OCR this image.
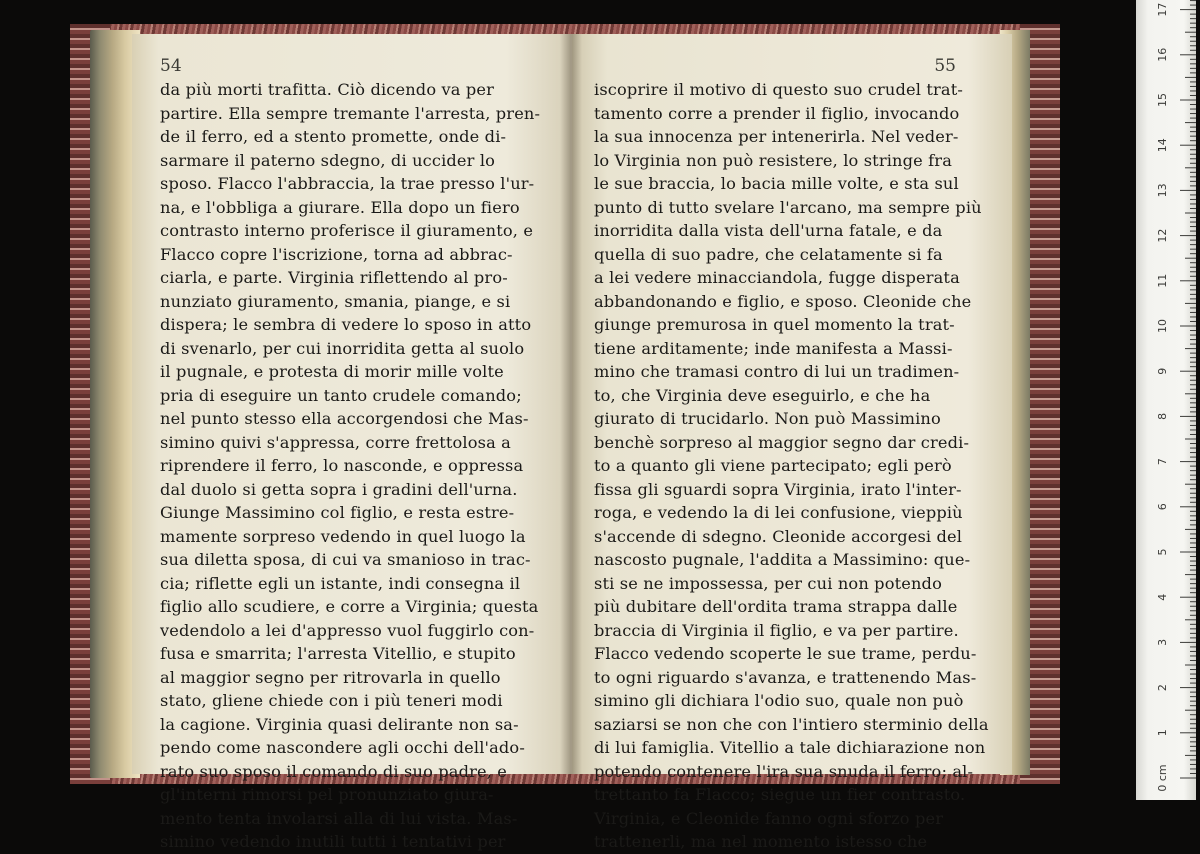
54
da più morti trafitta. Ciò dicendo va per
partire. Ella sempre tremante l'arresta, pren-
de il ferro, ed a stento promette, onde di-
sarmare il paterno sdegno, di uccider lo
sposo. Flacco l'abbraccia, la trae presso l'ur-
na, e l'obbliga a giurare. Ella dopo un fiero
contrasto interno proferisce il giuramento, e
Flacco copre l'iscrizione, torna ad abbrac-
ciarla, e parte. Virginia riflettendo al pro-
nunziato giuramento, smania, piange, e si
dispera; le sembra di vedere lo sposo in atto
di svenarlo, per cui inorridita getta al suolo
il pugnale, e protesta di morir mille volte
pria di eseguire un tanto crudele comando;
nel punto stesso ella accorgendosi che Mas-
simino quivi s'appressa, corre frettolosa a
riprendere il ferro, lo nasconde, e oppressa
dal duolo si getta sopra i gradini dell'urna.
Giunge Massimino col figlio, e resta estre-
mamente sorpreso vedendo in quel luogo la
sua diletta sposa, di cui va smanioso in trac-
cia; riflette egli un istante, indi consegna il
figlio allo scudiere, e corre a Virginia; questa
vedendolo a lei d'appresso vuol fuggirlo con-
fusa e smarrita; l'arresta Vitellio, e stupito
al maggior segno per ritrovarla in quello
stato, gliene chiede con i più teneri modi
la cagione. Virginia quasi delirante non sa-
pendo come nascondere agli occhi dell'ado-
rato suo sposo il comando di suo padre, e
gl'interni rimorsi pel pronunziato giura-
mento tenta involarsi alla di lui vista. Mas-
simino vedendo inutili tutti i tentativi per
55
iscoprire il motivo di questo suo crudel trat-
tamento corre a prender il figlio, invocando
la sua innocenza per intenerirla. Nel veder-
lo Virginia non può resistere, lo stringe fra
le sue braccia, lo bacia mille volte, e sta sul
punto di tutto svelare l'arcano, ma sempre più
inorridita dalla vista dell'urna fatale, e da
quella di suo padre, che celatamente si fa
a lei vedere minacciandola, fugge disperata
abbandonando e figlio, e sposo. Cleonide che
giunge premurosa in quel momento la trat-
tiene arditamente; inde manifesta a Massi-
mino che tramasi contro di lui un tradimen-
to, che Virginia deve eseguirlo, e che ha
giurato di trucidarlo. Non può Massimino
benchè sorpreso al maggior segno dar credi-
to a quanto gli viene partecipato; egli però
fissa gli sguardi sopra Virginia, irato l'inter-
roga, e vedendo la di lei confusione, vieppiù
s'accende di sdegno. Cleonide accorgesi del
nascosto pugnale, l'addita a Massimino: que-
sti se ne impossessa, per cui non potendo
più dubitare dell'ordita trama strappa dalle
braccia di Virginia il figlio, e va per partire.
Flacco vedendo scoperte le sue trame, perdu-
to ogni riguardo s'avanza, e trattenendo Mas-
simino gli dichiara l'odio suo, quale non può
saziarsi se non che con l'intiero sterminio della
di lui famiglia. Vitellio a tale dichiarazione non
potendo contenere l'ira sua snuda il ferro; al-
trettanto fa Flacco; siegue un fier contrasto.
Virginia, e Cleonide fanno ogni sforzo per
trattenerli, ma nel momento istesso che
1
2
3
4
5
6
7
8
9
10
11
12
13
14
15
16
17
0 cm
